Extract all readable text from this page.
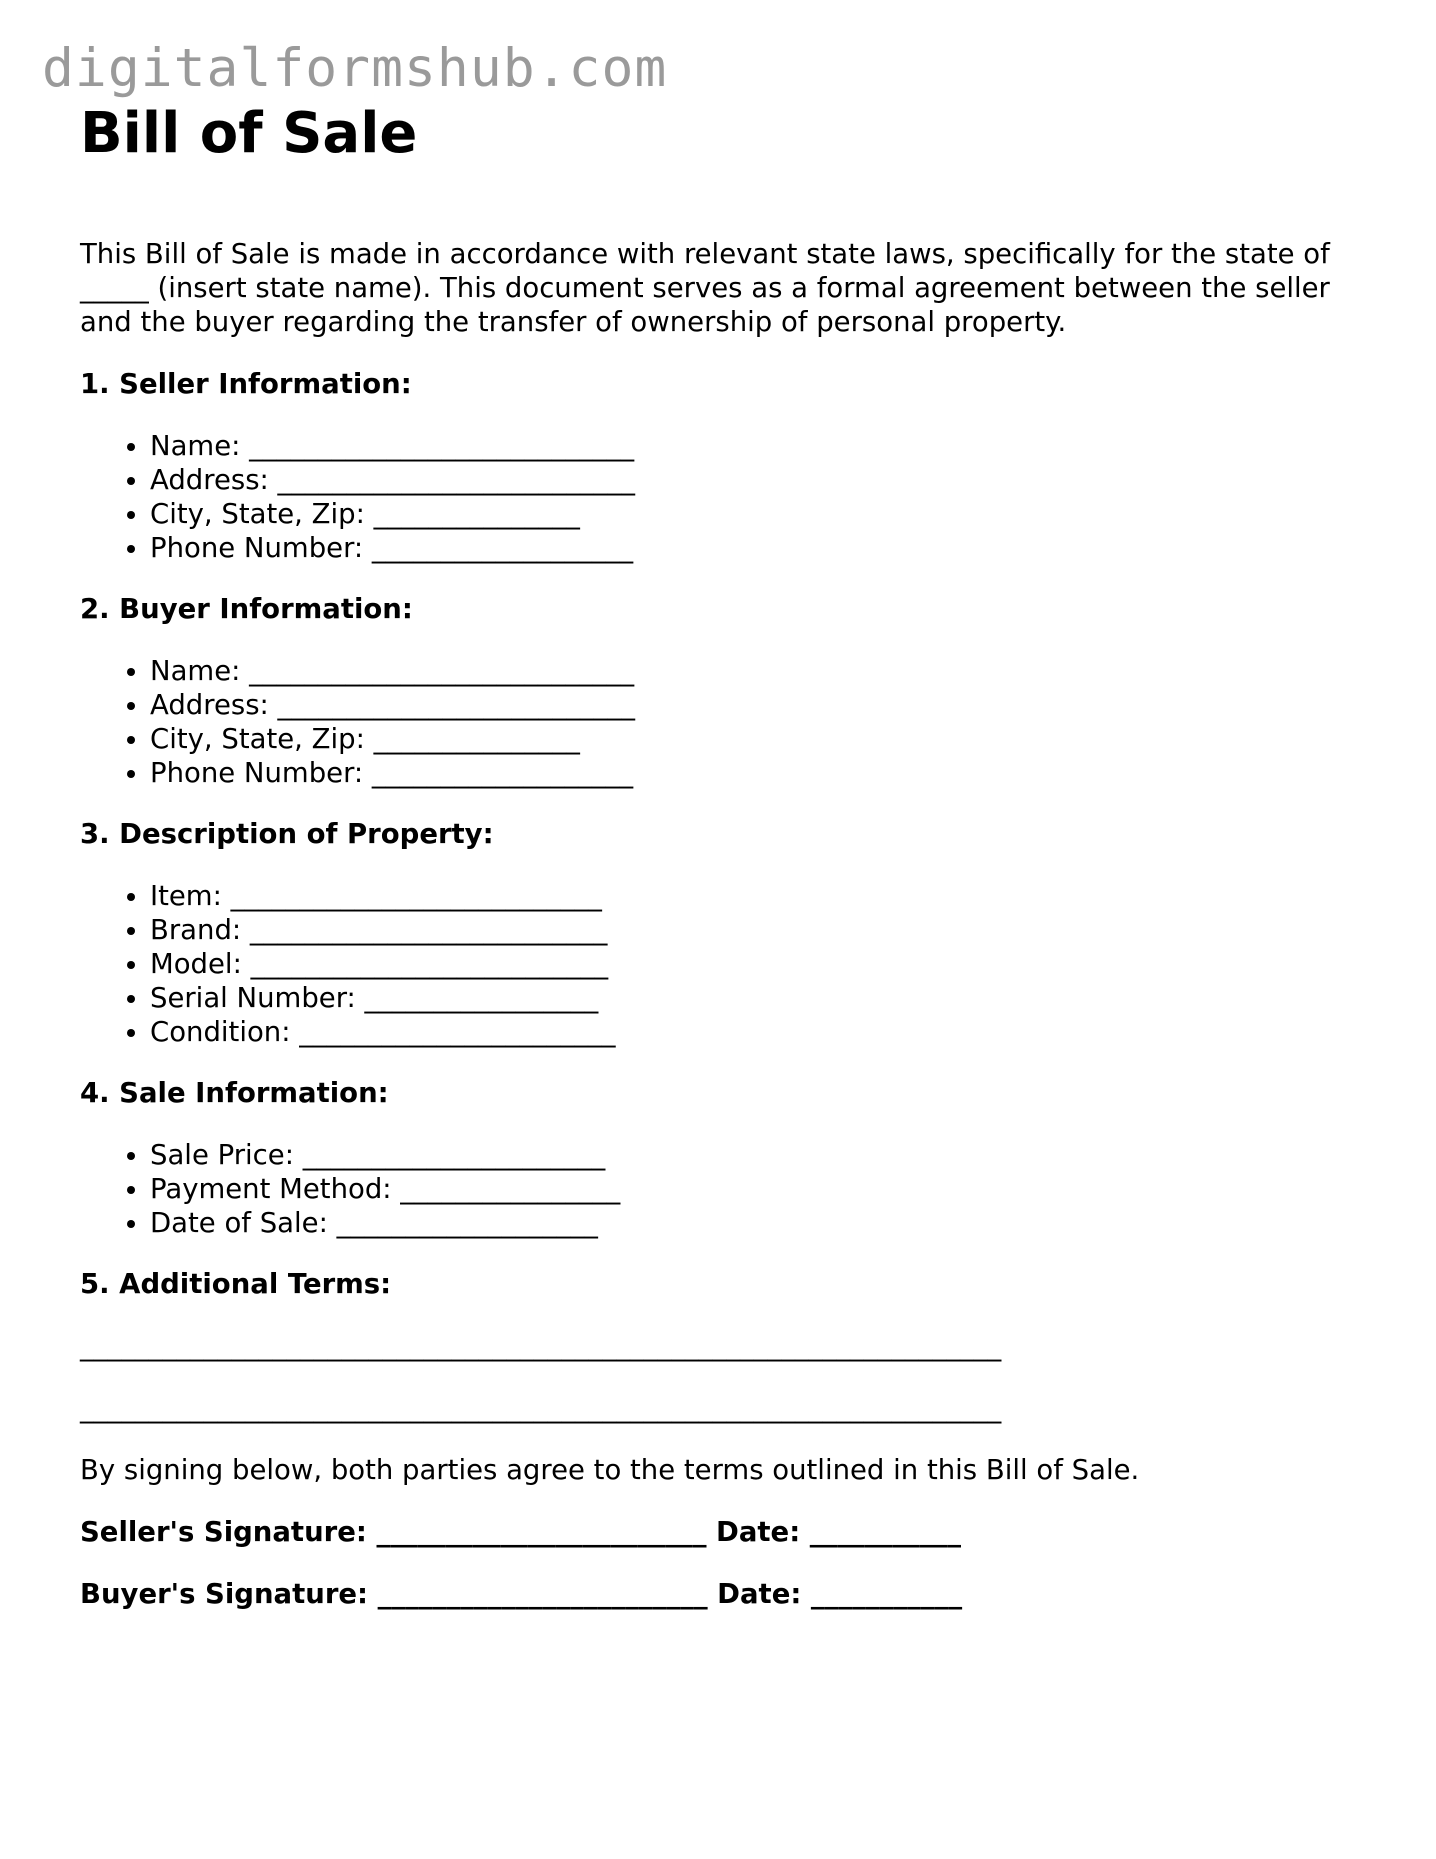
digitalformshub.com
Bill of Sale

This Bill of Sale is made in accordance with relevant state laws, specifically for the state of _____ (insert state name). This document serves as a formal agreement between the seller and the buyer regarding the transfer of ownership of personal property.

1. Seller Information:
• Name: ____________________________
• Address: __________________________
• City, State, Zip: _______________
• Phone Number: ___________________
2. Buyer Information:
• Name: ____________________________
• Address: __________________________
• City, State, Zip: _______________
• Phone Number: ___________________
3. Description of Property:
• Item: ___________________________
• Brand: __________________________
• Model: __________________________
• Serial Number: _________________
• Condition: _______________________
4. Sale Information:
• Sale Price: ______________________
• Payment Method: ________________
• Date of Sale: ___________________
5. Additional Terms:
___________________________________________________________________
___________________________________________________________________

By signing below, both parties agree to the terms outlined in this Bill of Sale.

Seller's Signature: ________________________ Date: ___________
Buyer's Signature: ________________________ Date: ___________
